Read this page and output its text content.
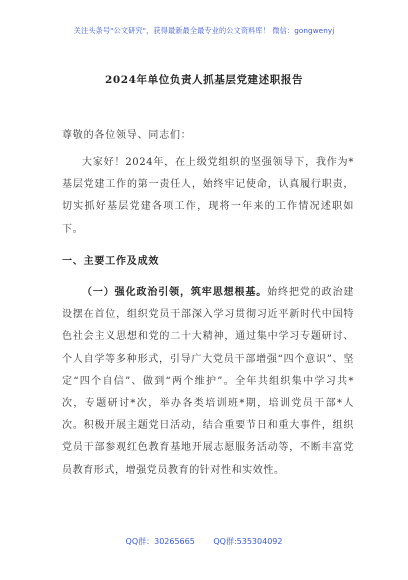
关注头条号"公文研究"，获得最新最全最专业的公文资料库！ 微信：gongwenyj
2024年单位负责人抓基层党建述职报告
尊敬的各位领导、同志们：
大家好！2024年，在上级党组织的坚强领导下，我作为*基层党建工作的第一责任人，始终牢记使命，认真履行职责，切实抓好基层党建各项工作，现将一年来的工作情况述职如下。
一、主要工作及成效
（一）强化政治引领，筑牢思想根基。始终把党的政治建设摆在首位，组织党员干部深入学习贯彻习近平新时代中国特色社会主义思想和党的二十大精神，通过集中学习专题研讨、个人自学等多种形式，引导广大党员干部增强“四个意识”、坚定“四个自信”、做到“两个维护”。全年共组织集中学习共*次，专题研讨*次，举办各类培训班*期，培训党员干部*人次。积极开展主题党日活动，结合重要节日和重大事件，组织党员干部参观红色教育基地开展志愿服务活动等，不断丰富党员教育形式，增强党员教育的针对性和实效性。
QQ群：30265665 QQ群:535304092
